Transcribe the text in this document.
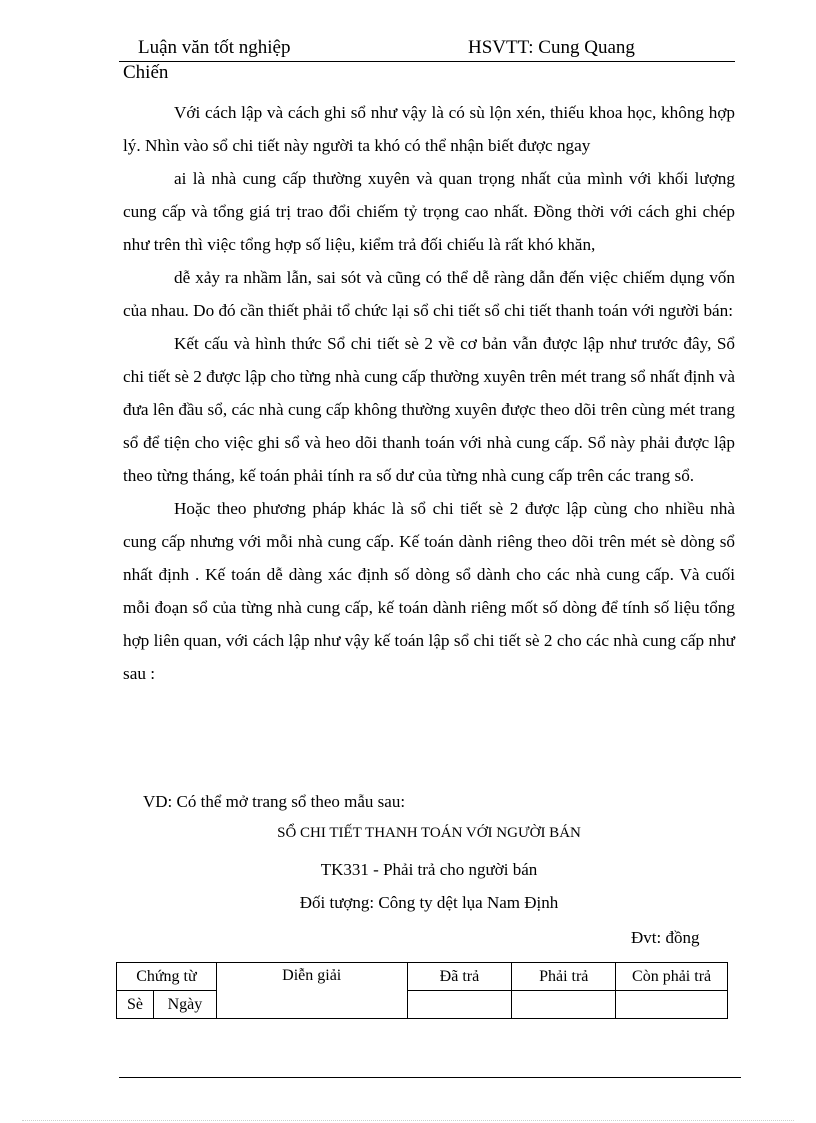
Luận văn tốt nghiệp	HSVTT: Cung Quang
Chiến

Với cách lập và cách ghi sổ như vậy là có sù lộn xén, thiếu khoa học, không hợp lý. Nhìn vào sổ chi tiết này người ta khó có thể nhận biết được ngay

ai là nhà cung cấp thường xuyên và quan trọng nhất của mình với khối lượng cung cấp và tổng giá trị trao đổi chiếm tỷ trọng cao nhất. Đồng thời với cách ghi chép như trên thì việc tổng hợp số liệu, kiểm trả đối chiếu là rất khó khăn,

dễ xảy ra nhầm lẫn, sai sót và cũng có thể dễ ràng dẫn đến việc chiếm dụng vốn của nhau. Do đó cần thiết phải tổ chức lại sổ chi tiết sổ chi tiết thanh toán với người bán:

Kết cấu và hình thức Sổ chi tiết sè 2 về cơ bản vẫn được lập như trước đây, Sổ chi tiết sè 2 được lập cho từng nhà cung cấp thường xuyên trên mét trang sổ nhất định và đưa lên đầu sổ, các nhà cung cấp không thường xuyên được theo dõi trên cùng mét trang sổ để tiện cho việc ghi sổ và heo dõi thanh toán với nhà cung cấp. Sổ này phải được lập theo từng tháng, kế toán phải tính ra số dư của từng nhà cung cấp trên các trang sổ.

Hoặc theo phương pháp khác là sổ chi tiết sè 2 được lập cùng cho nhiều nhà cung cấp nhưng với mỗi nhà cung cấp. Kế toán dành riêng theo dõi trên mét sè dòng sổ nhất định . Kế toán dễ dàng xác định số dòng sổ dành cho các nhà cung cấp. Và cuối mỗi đoạn sổ của từng nhà cung cấp, kế toán dành riêng mốt số dòng để tính số liệu tổng hợp liên quan, với cách lập như vậy kế toán lập sổ chi tiết sè 2 cho các nhà cung cấp như sau :

VD: Có thể mở trang sổ theo mẫu sau:
SỔ CHI TIẾT THANH TOÁN VỚI NGƯỜI BÁN
TK331 - Phải trả cho người bán
Đối tượng: Công ty dệt lụa Nam Định
Đvt: đồng
Chứng từ		Diễn giải	Đã trả	Phải trả	Còn phải trả
Sè	Ngày				
